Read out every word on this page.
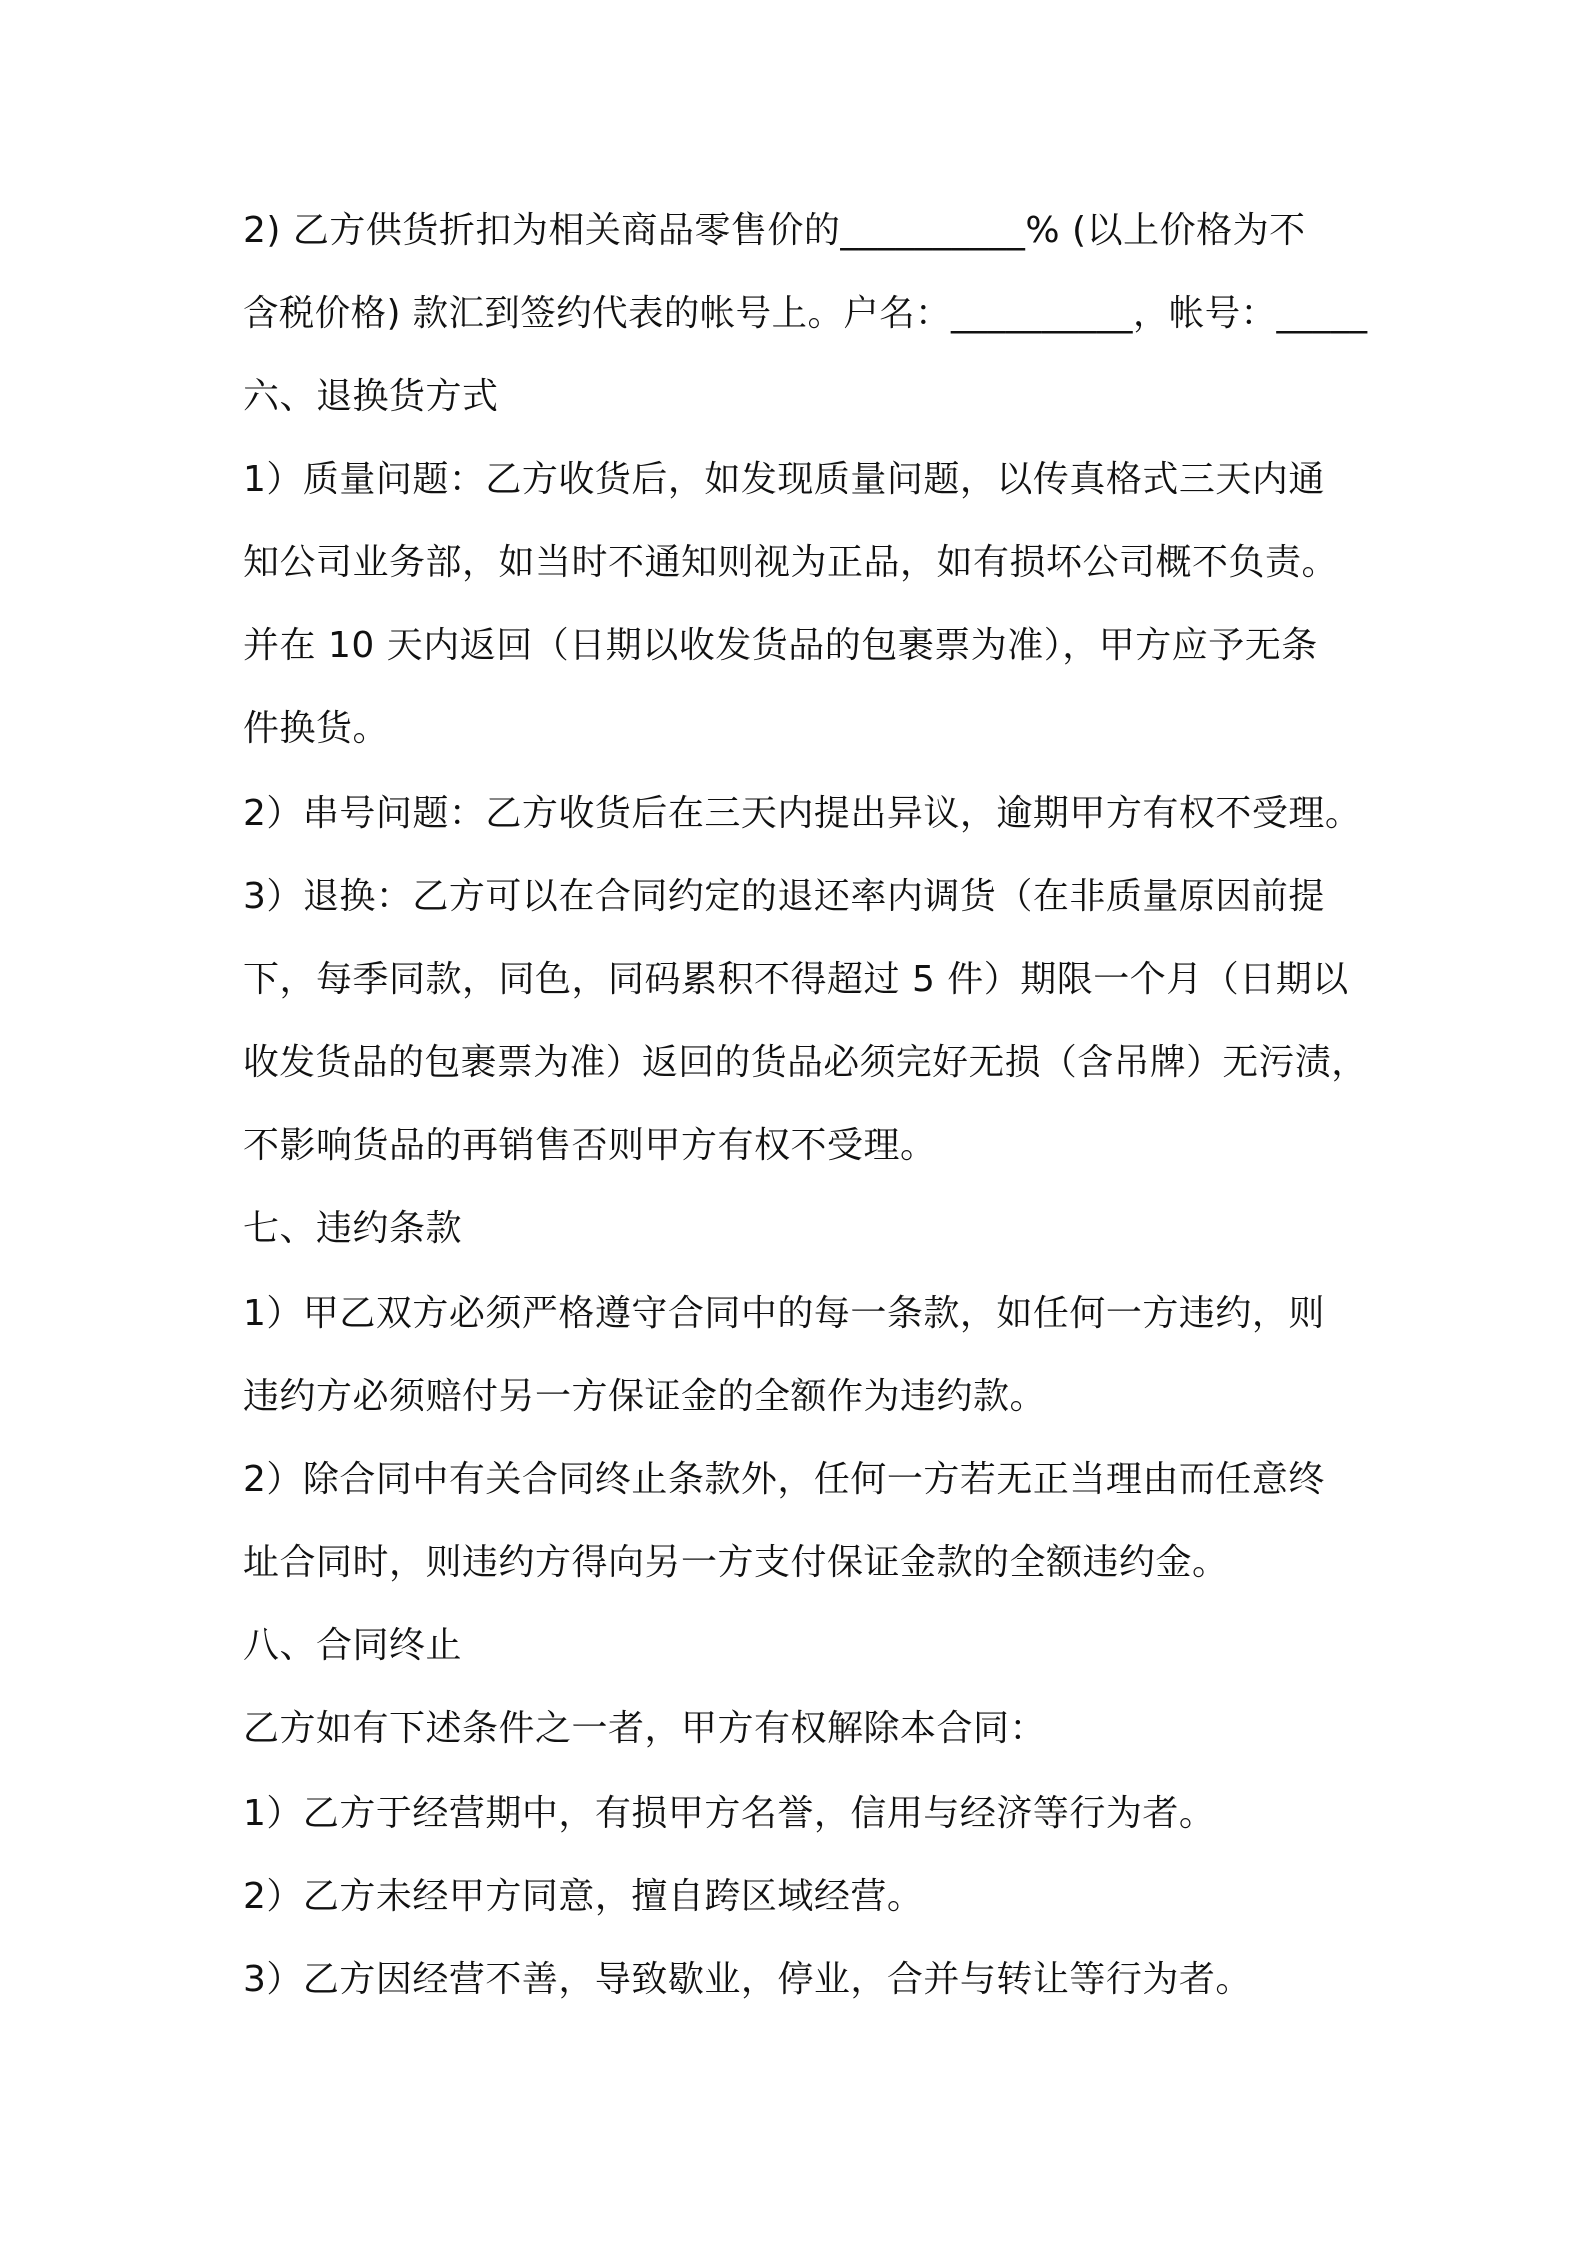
2) 乙方供货折扣为相关商品零售价的__________% (以上价格为不
含税价格) 款汇到签约代表的帐号上。户名：__________，帐号：_____
六、退换货方式
1）质量问题：乙方收货后，如发现质量问题，以传真格式三天内通
知公司业务部，如当时不通知则视为正品，如有损坏公司概不负责。
并在 10 天内返回（日期以收发货品的包裹票为准），甲方应予无条
件换货。
2）串号问题：乙方收货后在三天内提出异议，逾期甲方有权不受理。
3）退换：乙方可以在合同约定的退还率内调货（在非质量原因前提
下，每季同款，同色，同码累积不得超过 5 件）期限一个月（日期以
收发货品的包裹票为准）返回的货品必须完好无损（含吊牌）无污渍，
不影响货品的再销售否则甲方有权不受理。
七、违约条款
1）甲乙双方必须严格遵守合同中的每一条款，如任何一方违约，则
违约方必须赔付另一方保证金的全额作为违约款。
2）除合同中有关合同终止条款外，任何一方若无正当理由而任意终
址合同时，则违约方得向另一方支付保证金款的全额违约金。
八、合同终止
乙方如有下述条件之一者，甲方有权解除本合同：
1）乙方于经营期中，有损甲方名誉，信用与经济等行为者。
2）乙方未经甲方同意，擅自跨区域经营。
3）乙方因经营不善，导致歇业，停业，合并与转让等行为者。
